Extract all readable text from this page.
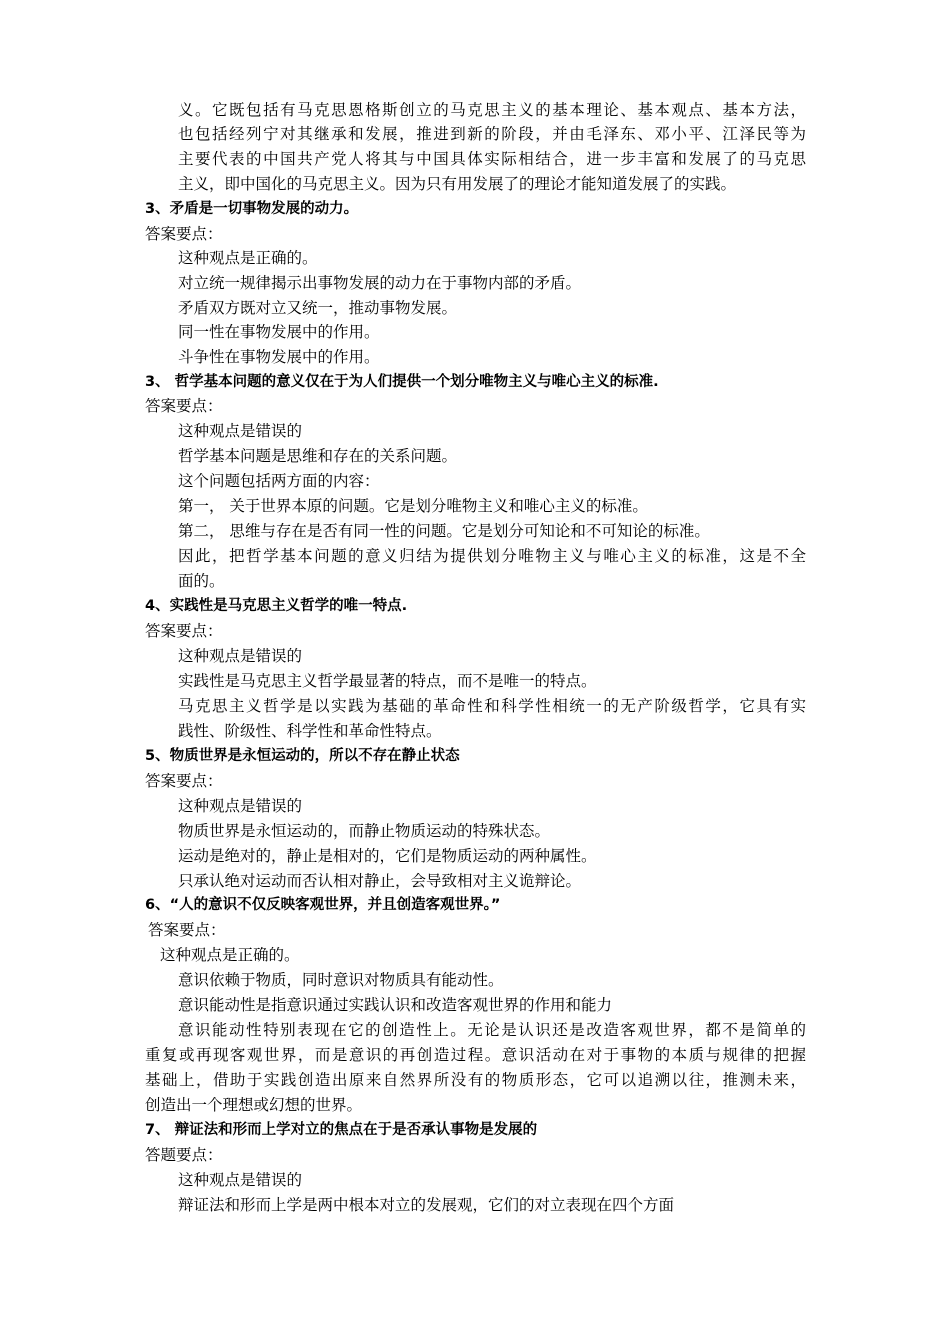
义。它既包括有马克思恩格斯创立的马克思主义的基本理论、基本观点、基本方法，
也包括经列宁对其继承和发展，推进到新的阶段，并由毛泽东、邓小平、江泽民等为
主要代表的中国共产党人将其与中国具体实际相结合，进一步丰富和发展了的马克思
主义，即中国化的马克思主义。因为只有用发展了的理论才能知道发展了的实践。
3、矛盾是一切事物发展的动力。
答案要点：
这种观点是正确的。
对立统一规律揭示出事物发展的动力在于事物内部的矛盾。
矛盾双方既对立又统一，推动事物发展。
同一性在事物发展中的作用。
斗争性在事物发展中的作用。
3、 哲学基本问题的意义仅在于为人们提供一个划分唯物主义与唯心主义的标准.
答案要点：
这种观点是错误的
哲学基本问题是思维和存在的关系问题。
这个问题包括两方面的内容：
第一， 关于世界本原的问题。它是划分唯物主义和唯心主义的标准。
第二， 思维与存在是否有同一性的问题。它是划分可知论和不可知论的标准。
因此，把哲学基本问题的意义归结为提供划分唯物主义与唯心主义的标准，这是不全
面的。
4、实践性是马克思主义哲学的唯一特点.
答案要点：
这种观点是错误的
实践性是马克思主义哲学最显著的特点，而不是唯一的特点。
马克思主义哲学是以实践为基础的革命性和科学性相统一的无产阶级哲学，它具有实
践性、阶级性、科学性和革命性特点。
5、物质世界是永恒运动的，所以不存在静止状态
答案要点：
这种观点是错误的
物质世界是永恒运动的，而静止物质运动的特殊状态。
运动是绝对的，静止是相对的，它们是物质运动的两种属性。
只承认绝对运动而否认相对静止，会导致相对主义诡辩论。
6、“人的意识不仅反映客观世界，并且创造客观世界。”
答案要点：
这种观点是正确的。
意识依赖于物质，同时意识对物质具有能动性。
意识能动性是指意识通过实践认识和改造客观世界的作用和能力
意识能动性特别表现在它的创造性上。无论是认识还是改造客观世界，都不是简单的
重复或再现客观世界，而是意识的再创造过程。意识活动在对于事物的本质与规律的把握
基础上，借助于实践创造出原来自然界所没有的物质形态，它可以追溯以往，推测未来，
创造出一个理想或幻想的世界。
7、 辩证法和形而上学对立的焦点在于是否承认事物是发展的
答题要点：
这种观点是错误的
辩证法和形而上学是两中根本对立的发展观，它们的对立表现在四个方面
